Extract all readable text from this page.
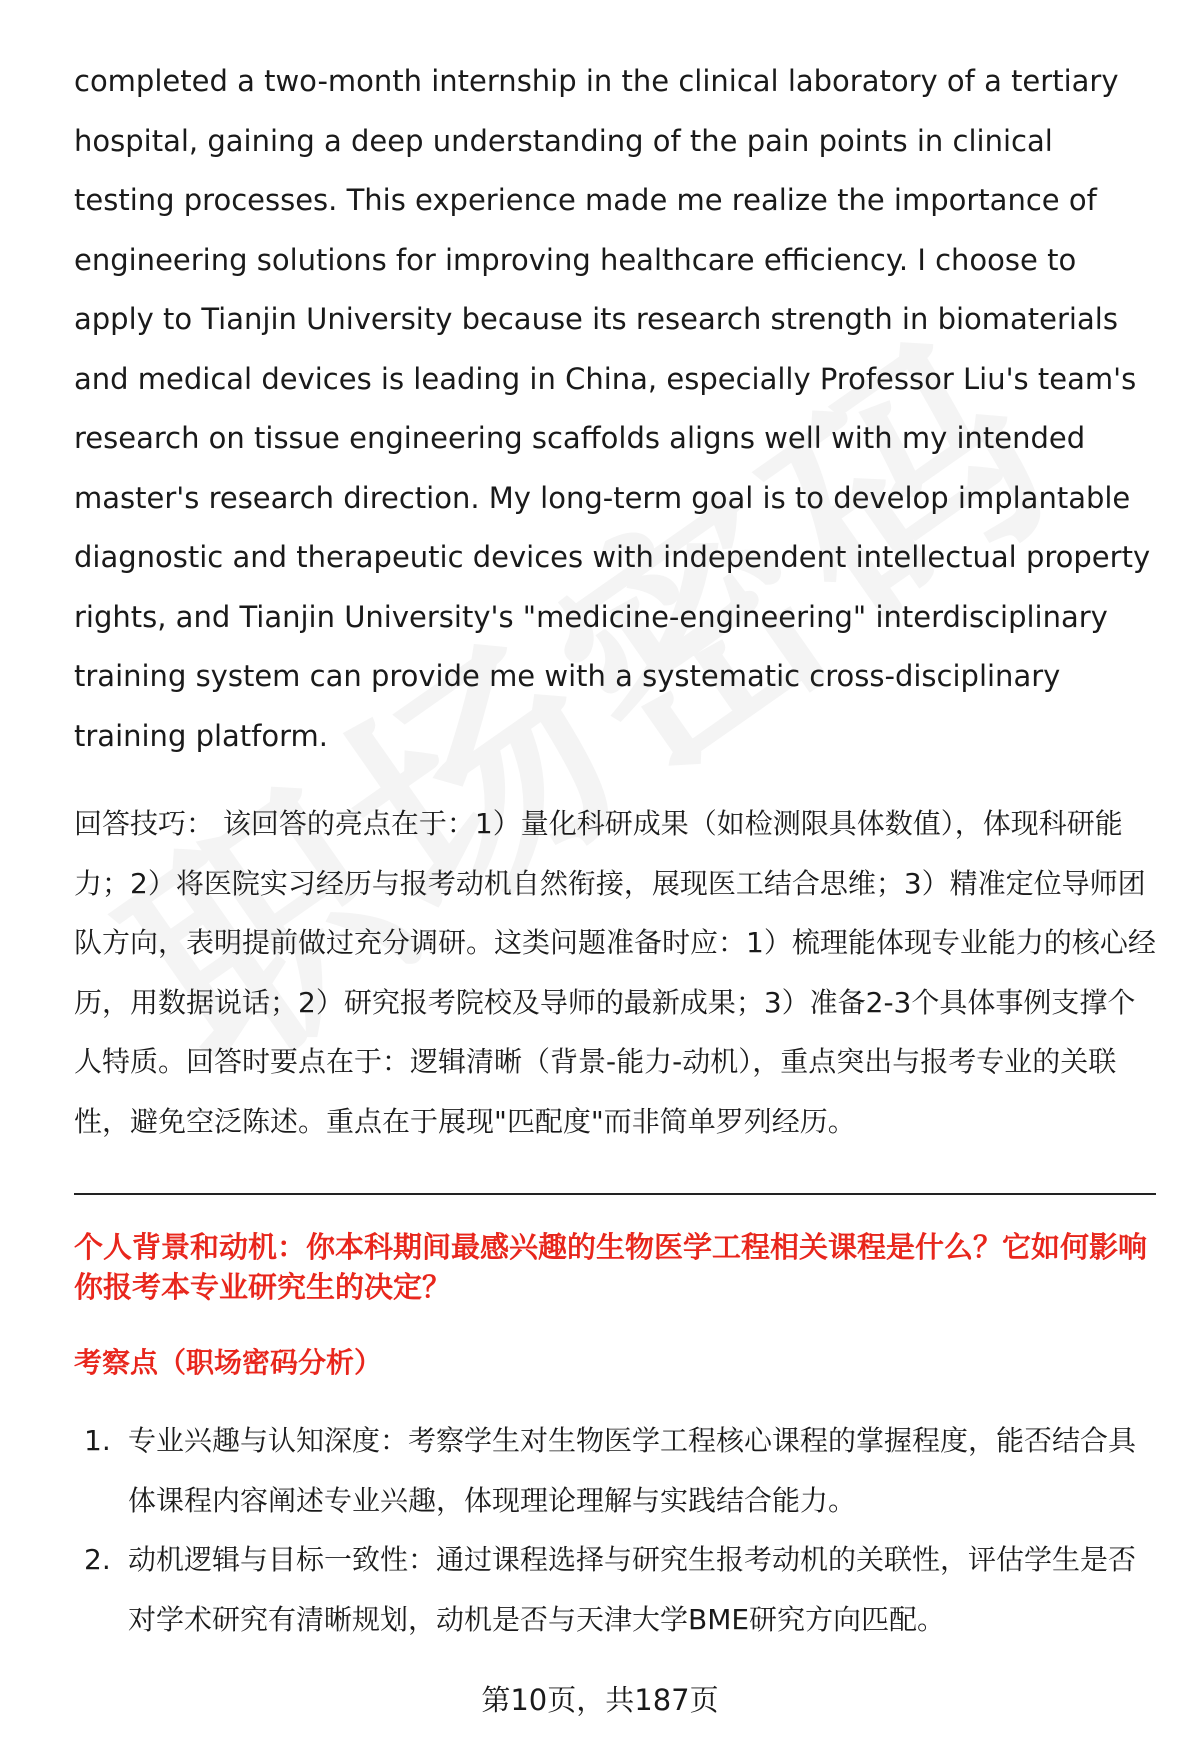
completed a two-month internship in the clinical laboratory of a tertiary hospital, gaining a deep understanding of the pain points in clinical testing processes. This experience made me realize the importance of engineering solutions for improving healthcare efficiency. I choose to apply to Tianjin University because its research strength in biomaterials and medical devices is leading in China, especially Professor Liu's team's research on tissue engineering scaffolds aligns well with my intended master's research direction. My long-term goal is to develop implantable diagnostic and therapeutic devices with independent intellectual property rights, and Tianjin University's "medicine-engineering" interdisciplinary training system can provide me with a systematic cross-disciplinary training platform.

回答技巧： 该回答的亮点在于：1）量化科研成果（如检测限具体数值），体现科研能力；2）将医院实习经历与报考动机自然衔接，展现医工结合思维；3）精准定位导师团队方向，表明提前做过充分调研。这类问题准备时应：1）梳理能体现专业能力的核心经历，用数据说话；2）研究报考院校及导师的最新成果；3）准备2-3个具体事例支撑个人特质。回答时要点在于：逻辑清晰（背景-能力-动机），重点突出与报考专业的关联性，避免空泛陈述。重点在于展现"匹配度"而非简单罗列经历。

个人背景和动机：你本科期间最感兴趣的生物医学工程相关课程是什么？它如何影响你报考本专业研究生的决定？
考察点（职场密码分析）
1. 专业兴趣与认知深度：考察学生对生物医学工程核心课程的掌握程度，能否结合具体课程内容阐述专业兴趣，体现理论理解与实践结合能力。
2. 动机逻辑与目标一致性：通过课程选择与研究生报考动机的关联性，评估学生是否对学术研究有清晰规划，动机是否与天津大学BME研究方向匹配。
第10页，共187页
